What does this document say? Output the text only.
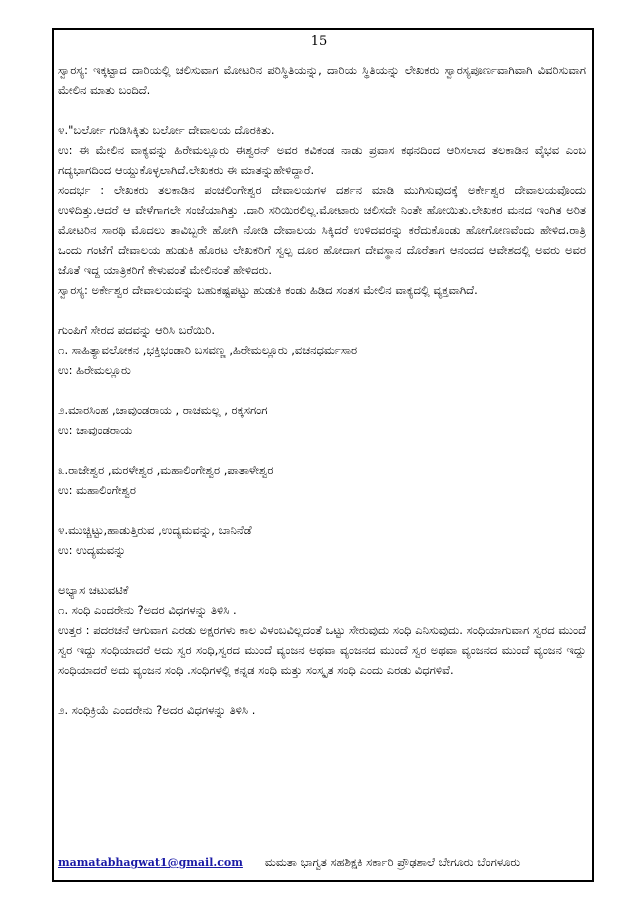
15

ಸ್ವಾರಸ್ಯ: ಇಕ್ಕಟ್ಟಾದ ದಾರಿಯಲ್ಲಿ ಚಲಿಸುವಾಗ ಮೋಟರಿನ ಪರಿಸ್ಥಿತಿಯನ್ನು, ದಾರಿಯ ಸ್ಥಿತಿಯನ್ನು ಲೇಖಕರು ಸ್ವಾರಸ್ಯಪೂರ್ಣವಾಗಿವಾಗಿ ವಿವರಿಸುವಾಗ ಮೇಲಿನ ಮಾತು ಬಂದಿದೆ.

೪."ಬರ್ಲೋ ಗುಡಿಸಿಕ್ಕಿತು ಬರ್ಲೋ ದೇವಾಲಯ ದೊರಕಿತು.

ಉ: ಈ ಮೇಲಿನ ವಾಕ್ಯವನ್ನು ಹಿರೇಮಲ್ಲೂರು ಈಶ್ವರನ್ ಅವರ ಕವಿಕಂಡ ನಾಡು ಪ್ರವಾಸ ಕಥನದಿಂದ ಆರಿಸಲಾದ ತಲಕಾಡಿನ ವೈಭವ ಎಂಬ ಗದ್ಯಭಾಗದಿಂದ ಆಯ್ದುಕೊಳ್ಳಲಾಗಿದೆ.ಲೇಖಕರು ಈ ಮಾತನ್ನುಹೇಳಿದ್ದಾರೆ.

ಸಂದರ್ಭ : ಲೇಖಕರು ತಲಕಾಡಿನ ಪಂಚಲಿಂಗೇಶ್ವರ ದೇವಾಲಯಗಳ ದರ್ಶನ ಮಾಡಿ ಮುಗಿಸುವುದಕ್ಕೆ ಅರ್ಕೇಶ್ವರ ದೇವಾಲಯವೊಂದು ಉಳಿದಿತ್ತು.ಆದರೆ ಆ ವೇಳೆಗಾಗಲೇ ಸಂಜೆಯಾಗಿತ್ತು .ದಾರಿ ಸರಿಯಿರಲಿಲ್ಲ.ಮೋಟಾರು ಚಲಿಸದೇ ನಿಂತೇ ಹೋಯಿತು.ಲೇಖಕರ ಮನದ ಇಂಗಿತ ಅರಿತ ಮೋಟರಿನ ಸಾರಥಿ ಮೊದಲು ತಾವಿಬ್ಬರೇ ಹೋಗಿ ನೋಡಿ ದೇವಾಲಯ ಸಿಕ್ಕಿದರೆ ಉಳಿದವರನ್ನು ಕರೆದುಕೊಂಡು ಹೋಗೋಣವೆಂದು ಹೇಳಿದ.ರಾತ್ರಿ ಒಂದು ಗಂಟೆಗೆ ದೇವಾಲಯ ಹುಡುಕಿ ಹೊರಟ ಲೇಖಕರಿಗೆ ಸ್ವಲ್ಪ ದೂರ ಹೋದಾಗ ದೇವಸ್ಥಾನ ದೊರೆತಾಗ ಆನಂದದ ಆವೇಶದಲ್ಲಿ ಅವರು ಅವರ ಜೊತೆ ಇದ್ದ ಯಾತ್ರಿಕರಿಗೆ ಕೇಳುವಂತೆ ಮೇಲಿನಂತೆ ಹೇಳಿದರು.

ಸ್ವಾರಸ್ಯ: ಅರ್ಕೇಶ್ವರ ದೇವಾಲಯವನ್ನು ಬಹುಕಷ್ಟಪಟ್ಟು ಹುಡುಕಿ ಕಂಡು ಹಿಡಿದ ಸಂತಸ ಮೇಲಿನ ವಾಕ್ಯದಲ್ಲಿ ವ್ಯಕ್ತವಾಗಿದೆ.

ಗುಂಪಿಗೆ ಸೇರದ ಪದವನ್ನು ಆರಿಸಿ ಬರೆಯಿರಿ.

೧. ಸಾಹಿತ್ಯಾವಲೋಕನ ,ಭಕ್ತಿಭಂಡಾರಿ ಬಸವಣ್ಣ ,ಹಿರೇಮಲ್ಲೂರು ,ವಚನಧರ್ಮಸಾರ

ಉ: ಹಿರೇಮಲ್ಲೂರು

೨.ಮಾರಸಿಂಹ ,ಚಾವುಂಡರಾಯ , ರಾಚಮಲ್ಲ , ರಕ್ಕಸಗಂಗ

ಉ: ಚಾವುಂಡರಾಯ

೩.ರಾಜೇಶ್ವರ ,ಮರಳೇಶ್ವರ ,ಮಹಾಲಿಂಗೇಶ್ವರ ,ಪಾತಾಳೇಶ್ವರ

ಉ: ಮಹಾಲಿಂಗೇಶ್ವರ

೪.ಮುಚ್ಚಿಟ್ಟು,ಹಾಡುತ್ತಿರುವ ,ಉದ್ಯಮವನ್ನು, ಬಾನಿನೆಡೆ

ಉ: ಉದ್ಯಮವನ್ನು

ಅಭ್ಯಾಸ ಚಟುವಟಿಕೆ

೧. ಸಂಧಿ ಎಂದರೇನು ?ಅದರ ವಿಧಗಳನ್ನು ತಿಳಿಸಿ .

ಉತ್ತರ : ಪದರಚನೆ ಆಗುವಾಗ ಎರಡು ಅಕ್ಷರಗಳು ಕಾಲ ವಿಳಂಬವಿಲ್ಲದಂತೆ ಒಟ್ಟು ಸೇರುವುದು ಸಂಧಿ ಎನಿಸುವುದು. ಸಂಧಿಯಾಗುವಾಗ ಸ್ವರದ ಮುಂದೆ ಸ್ವರ ಇದ್ದು ಸಂಧಿಯಾದರೆ ಅದು ಸ್ವರ ಸಂಧಿ,ಸ್ವರದ ಮುಂದೆ ವ್ಯಂಜನ ಅಥವಾ ವ್ಯಂಜನದ ಮುಂದೆ ಸ್ವರ ಅಥವಾ ವ್ಯಂಜನದ ಮುಂದೆ ವ್ಯಂಜನ ಇದ್ದು ಸಂಧಿಯಾದರೆ ಅದು ವ್ಯಂಜನ ಸಂಧಿ .ಸಂಧಿಗಳಲ್ಲಿ ಕನ್ನಡ ಸಂಧಿ ಮತ್ತು ಸಂಸ್ಕೃತ ಸಂಧಿ ಎಂದು ಎರಡು ವಿಧಗಳಿವೆ.

೨. ಸಂಧಿಕ್ರಿಯೆ ಎಂದರೇನು ?ಅದರ ವಿಧಗಳನ್ನು ತಿಳಿಸಿ .

mamatabhagwat1@gmail.com ಮಮತಾ ಭಾಗ್ವತ ಸಹಶಿಕ್ಷಕಿ ಸರ್ಕಾರಿ ಪ್ರೌಢಶಾಲೆ ಬೇಗೂರು ಬೆಂಗಳೂರು
